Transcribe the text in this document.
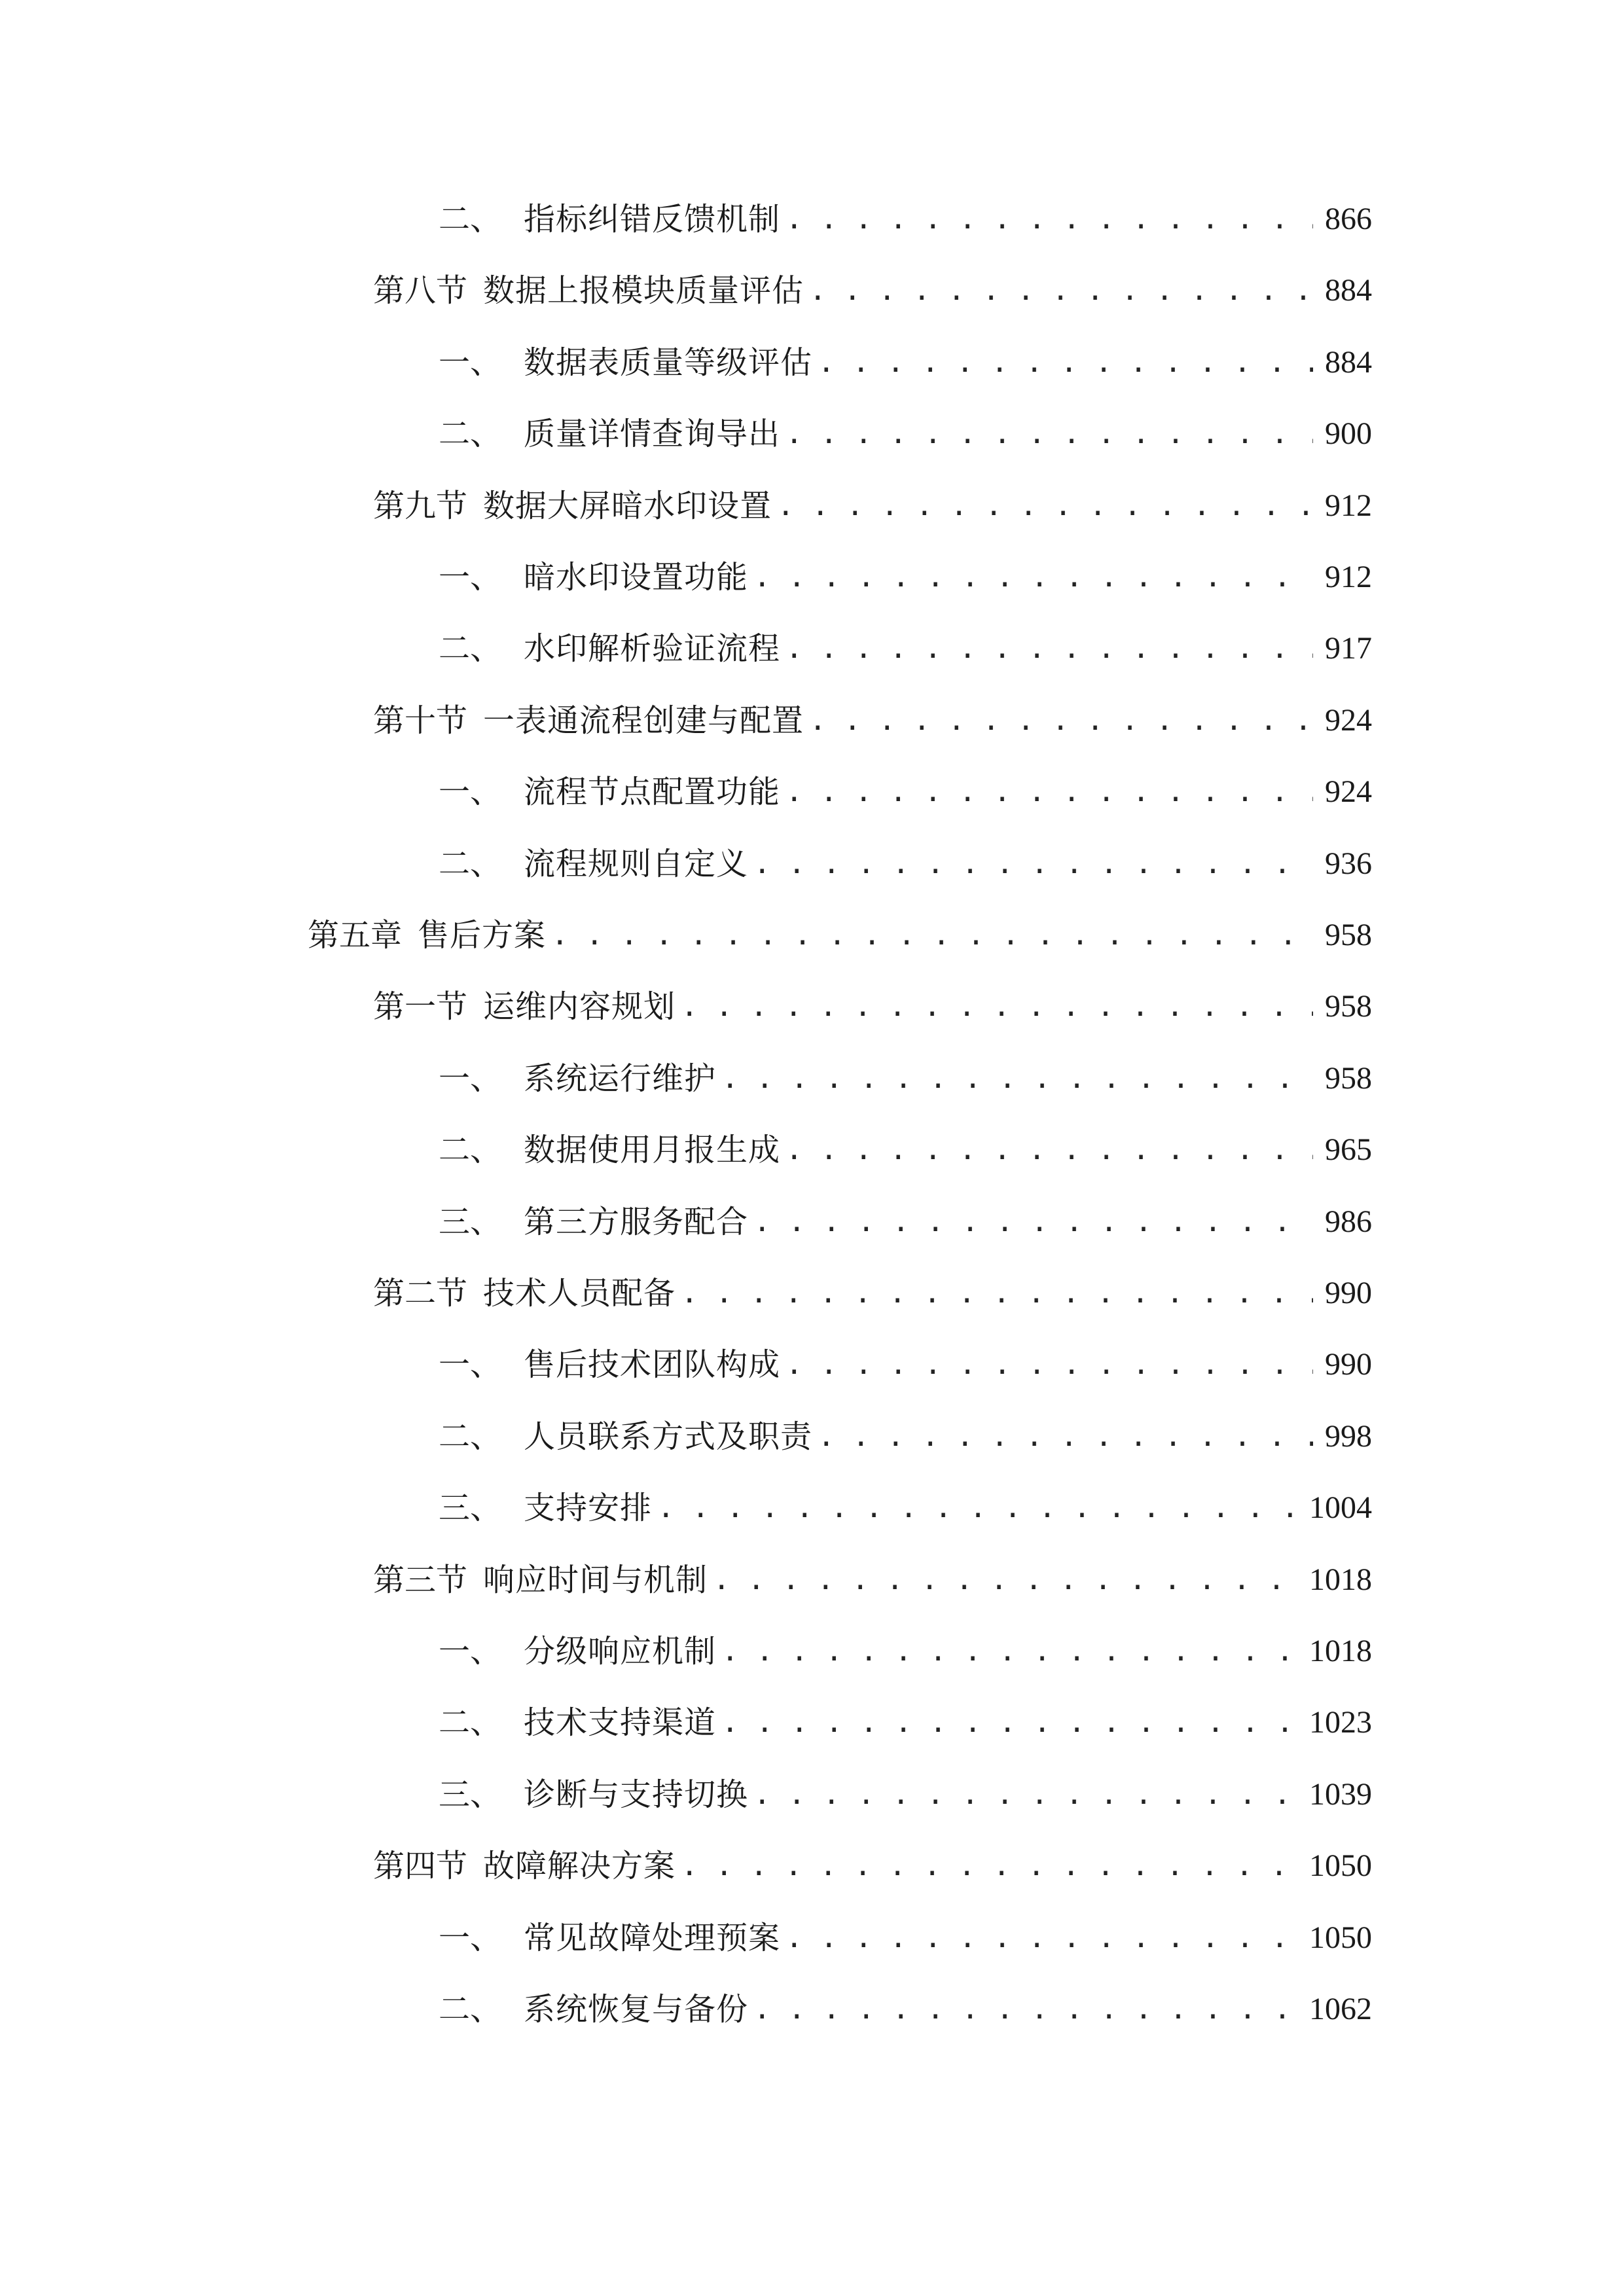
二、 指标纠错反馈机制 . . .	866
第八节 数据上报模块质量评估 . . .	884
一、 数据表质量等级评估 . . .	884
二、 质量详情查询导出 . . .	900
第九节 数据大屏暗水印设置 . . .	912
一、 暗水印设置功能 . . .	912
二、 水印解析验证流程 . . .	917
第十节 一表通流程创建与配置 . . .	924
一、 流程节点配置功能 . . .	924
二、 流程规则自定义 . . .	936
第五章 售后方案 . . .	958
第一节 运维内容规划 . . .	958
一、 系统运行维护 . . .	958
二、 数据使用月报生成 . . .	965
三、 第三方服务配合 . . .	986
第二节 技术人员配备 . . .	990
一、 售后技术团队构成 . . .	990
二、 人员联系方式及职责 . . .	998
三、 支持安排 . . .	1004
第三节 响应时间与机制 . . .	1018
一、 分级响应机制 . . .	1018
二、 技术支持渠道 . . .	1023
三、 诊断与支持切换 . . .	1039
第四节 故障解决方案 . . .	1050
一、 常见故障处理预案 . . .	1050
二、 系统恢复与备份 . . .	1062
